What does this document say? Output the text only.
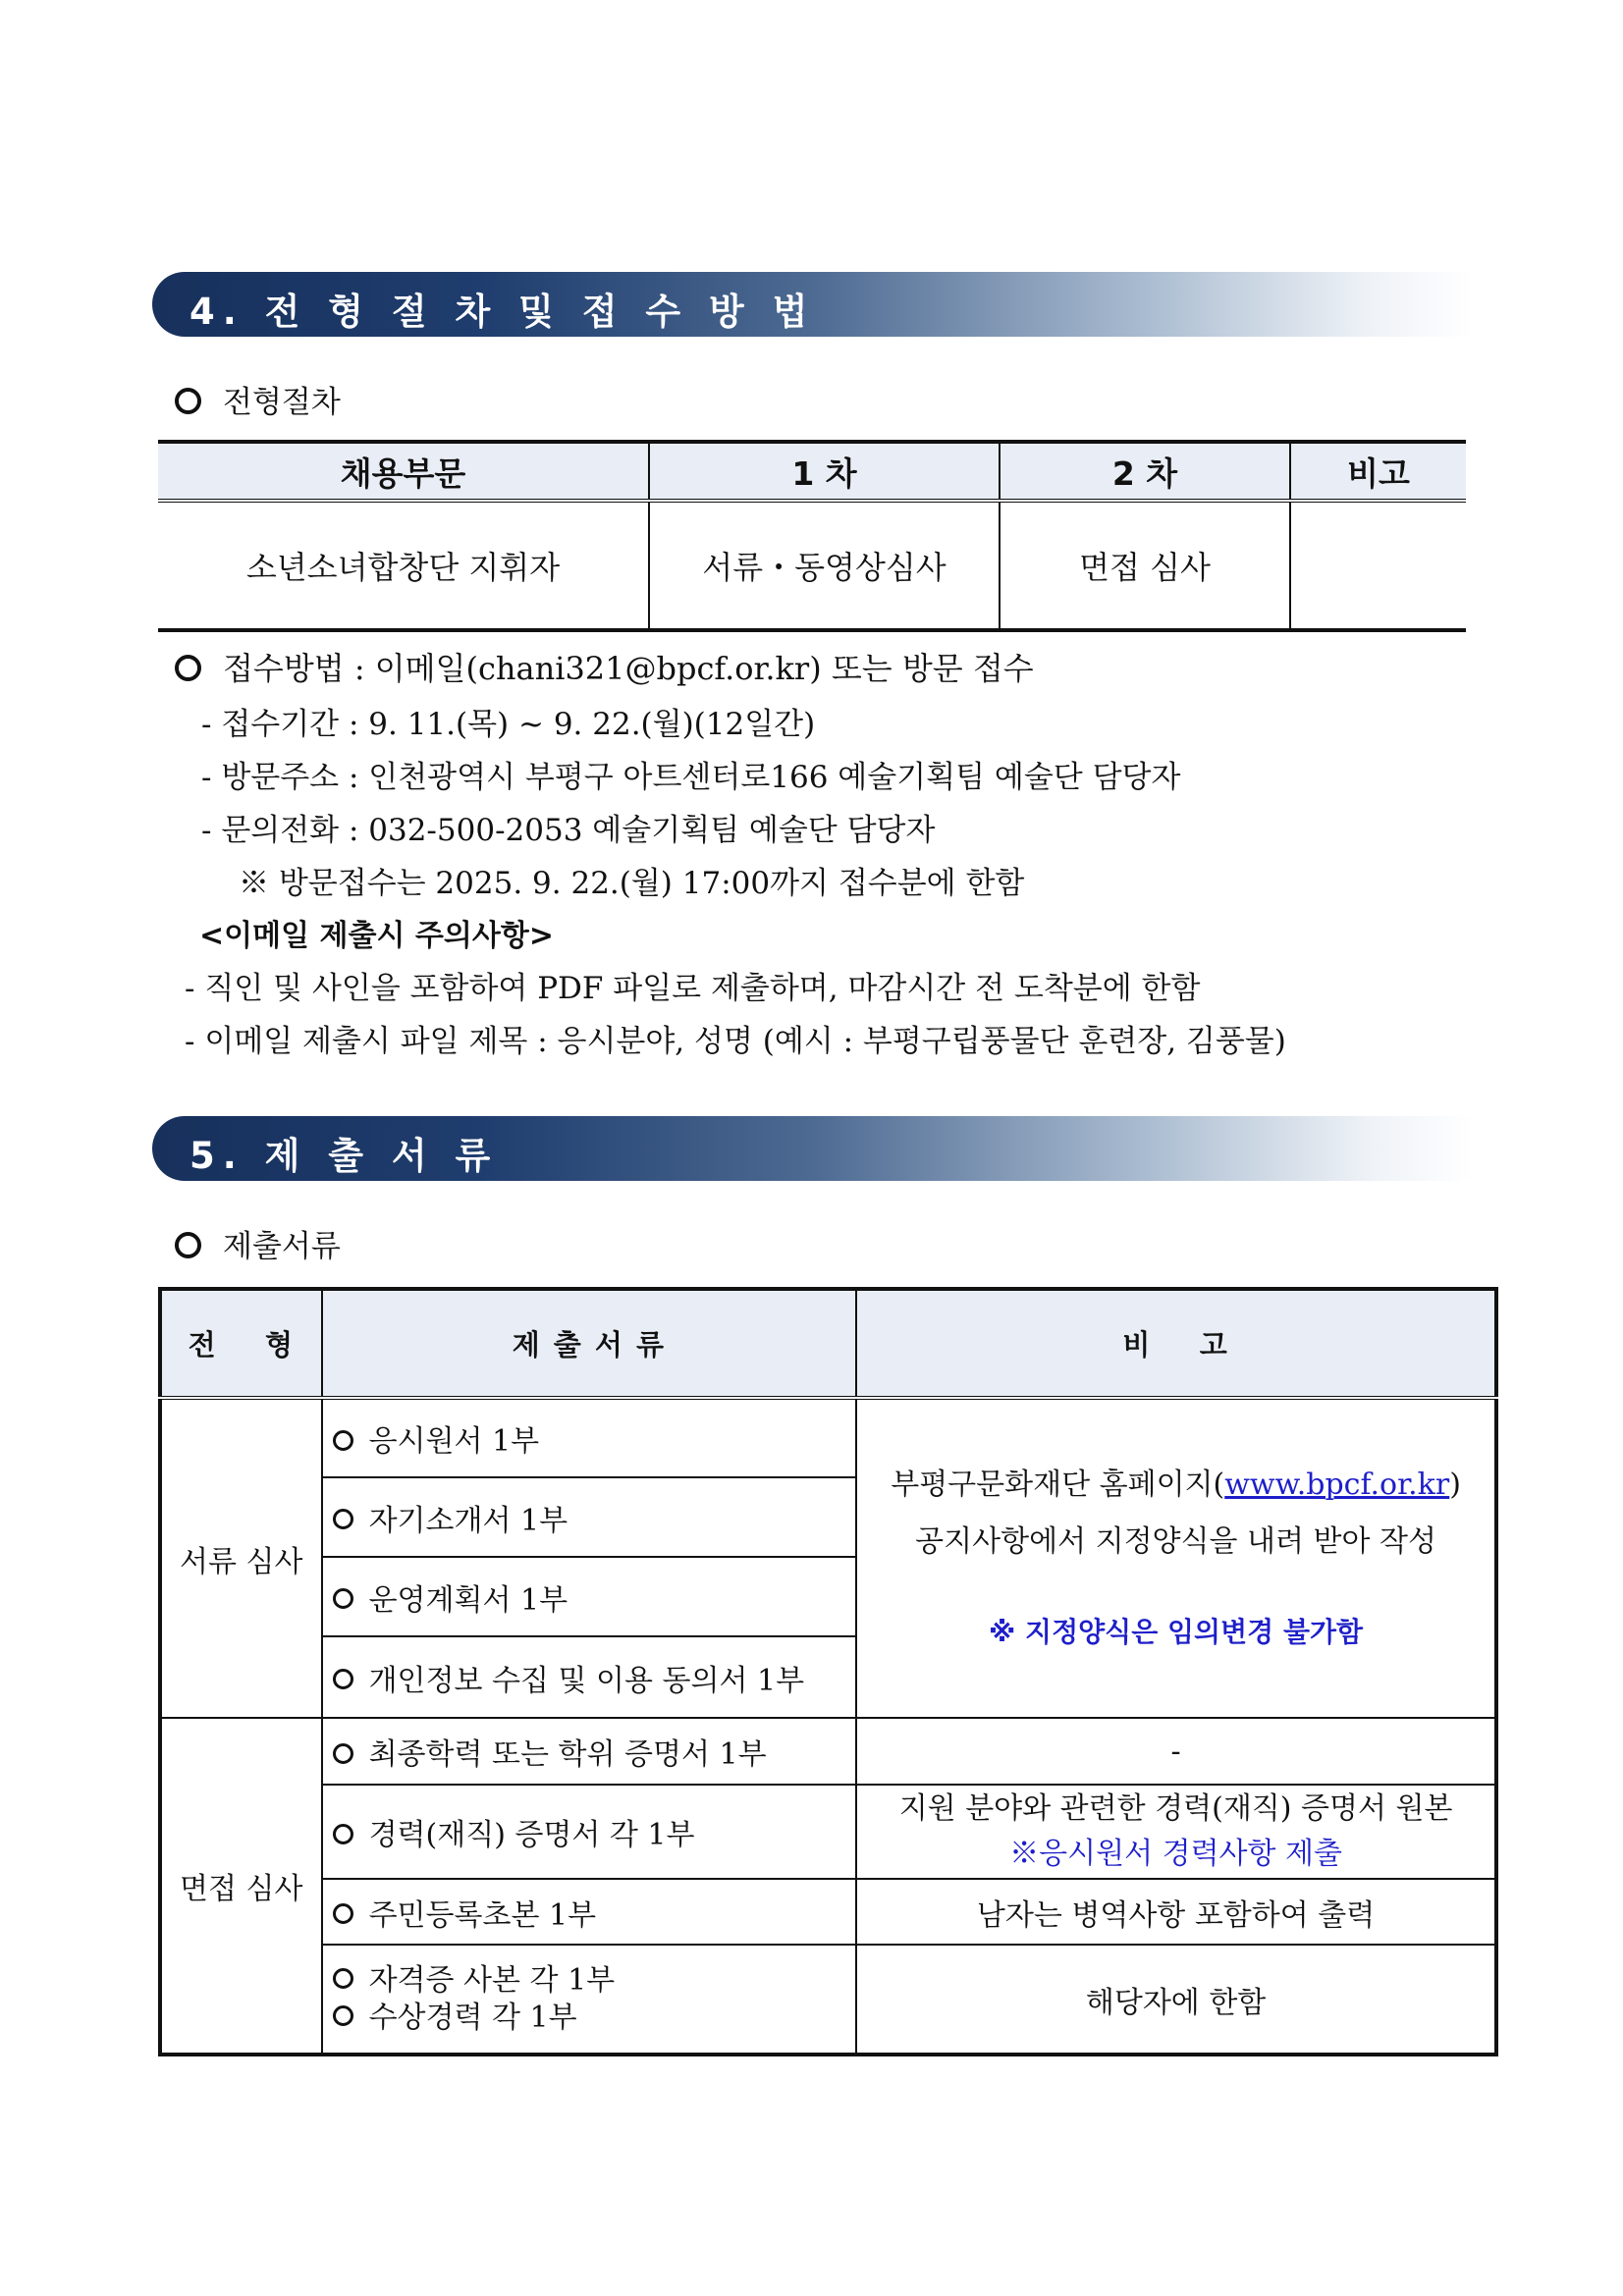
4. 전 형 절 차 및 접 수 방 법
전형절차
채용부문	1 차	2 차	비고
소년소녀합창단 지휘자	서류・동영상심사	면접 심사	
접수방법 : 이메일(chani321@bpcf.or.kr) 또는 방문 접수
- 접수기간 : 9. 11.(목) ~ 9. 22.(월)(12일간)
- 방문주소 : 인천광역시 부평구 아트센터로166 예술기획팀 예술단 담당자
- 문의전화 : 032-500-2053 예술기획팀 예술단 담당자
※ 방문접수는 2025. 9. 22.(월) 17:00까지 접수분에 한함
<이메일 제출시 주의사항>
- 직인 및 사인을 포함하여 PDF 파일로 제출하며, 마감시간 전 도착분에 한함
- 이메일 제출시 파일 제목 : 응시분야, 성명 (예시 : 부평구립풍물단 훈련장, 김풍물)
5. 제 출 서 류
제출서류
전    형	제 출 서 류	비    고
서류 심사	응시원서 1부	부평구문화재단 홈페이지(www.bpcf.or.kr)
공지사항에서 지정양식을 내려 받아 작성
※ 지정양식은 임의변경 불가함

	자기소개서 1부	
	운영계획서 1부	
	개인정보 수집 및 이용 동의서 1부	
면접 심사	최종학력 또는 학위 증명서 1부	-
	경력(재직) 증명서 각 1부	지원 분야와 관련한 경력(재직) 증명서 원본
※응시원서 경력사항 제출

	주민등록초본 1부	남자는 병역사항 포함하여 출력

	자격증 사본 각 1부
수상경력 각 1부	해당자에 한함
